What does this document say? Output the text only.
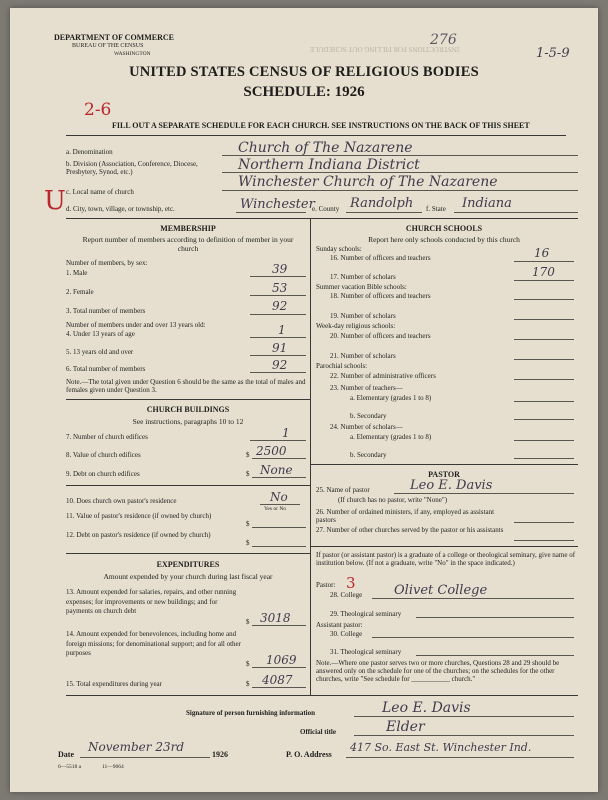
DEPARTMENT OF COMMERCE
BUREAU OF THE CENSUS
WASHINGTON
INSTRUCTIONS FOR FILLING OUT SCHEDULE
276
1-5-9
UNITED STATES CENSUS OF RELIGIOUS BODIES
SCHEDULE: 1926
2-6
FILL OUT A SEPARATE SCHEDULE FOR EACH CHURCH. SEE INSTRUCTIONS ON THE BACK OF THIS SHEET
a. Denomination	Church of The Nazarene
b. Division (Association, Conference, Diocese, Presbytery, Synod, etc.)	Northern Indiana District
c. Local name of church
Winchester Church of The Nazarene
U d. City, town, village, or township, etc.	Winchester
e. County Randolph f. State Indiana
MEMBERSHIP
Report number of members according to definition of member in your church
Number of members, by sex:
1. Male	39
2. Female	53
3. Total number of members	92
Number of members under and over 13 years old:
4. Under 13 years of age	1
5. 13 years old and over	91
6. Total number of members	92
Note.—The total given under Question 6 should be the same as the total of males and females given under Question 3.
CHURCH BUILDINGS
See instructions, paragraphs 10 to 12
7. Number of church edifices	1
8. Value of church edifices	$ 2500
9. Debt on church edifices	$ None
10. Does church own pastor's residence	No
Yes or No
11. Value of pastor's residence (if owned by church)
$
12. Debt on pastor's residence (if owned by church)
$
EXPENDITURES
Amount expended by your church during last fiscal year
13. Amount expended for salaries, repairs, and other running expenses; for improvements or new buildings; and for payments on church debt
$ 3018
14. Amount expended for benevolences, including home and foreign missions; for denominational support; and for all other purposes
$ 1069
15. Total expenditures during year	$ 4087
CHURCH SCHOOLS
Report here only schools conducted by this church
Sunday schools:
16. Number of officers and teachers	16
17. Number of scholars	170
Summer vacation Bible schools:
18. Number of officers and teachers
19. Number of scholars
Week-day religious schools:
20. Number of officers and teachers
21. Number of scholars
Parochial schools:
22. Number of administrative officers
23. Number of teachers—
a. Elementary (grades 1 to 8)
b. Secondary
24. Number of scholars—
a. Elementary (grades 1 to 8)
b. Secondary
PASTOR
25. Name of pastor	Leo E. Davis
(If church has no pastor, write "None")
26. Number of ordained ministers, if any, employed as assistant pastors
27. Number of other churches served by the pastor or his assistants
If pastor (or assistant pastor) is a graduate of a college or theological seminary, give name of institution below. (If not a graduate, write "No" in the space indicated.)
Pastor: 3
28. College Olivet College
29. Theological seminary
Assistant pastor:
30. College
31. Theological seminary
Note.—Where one pastor serves two or more churches, Questions 28 and 29 should be answered only on the schedule for one of the churches; on the schedules for the other churches, write "See schedule for ___________ church."
Signature of person furnishing information	Leo E. Davis
Official title	Elder
Date
November 23rd
1926	P. O. Address
417 So. East St. Winchester Ind.
6—5518 a	11—9064
